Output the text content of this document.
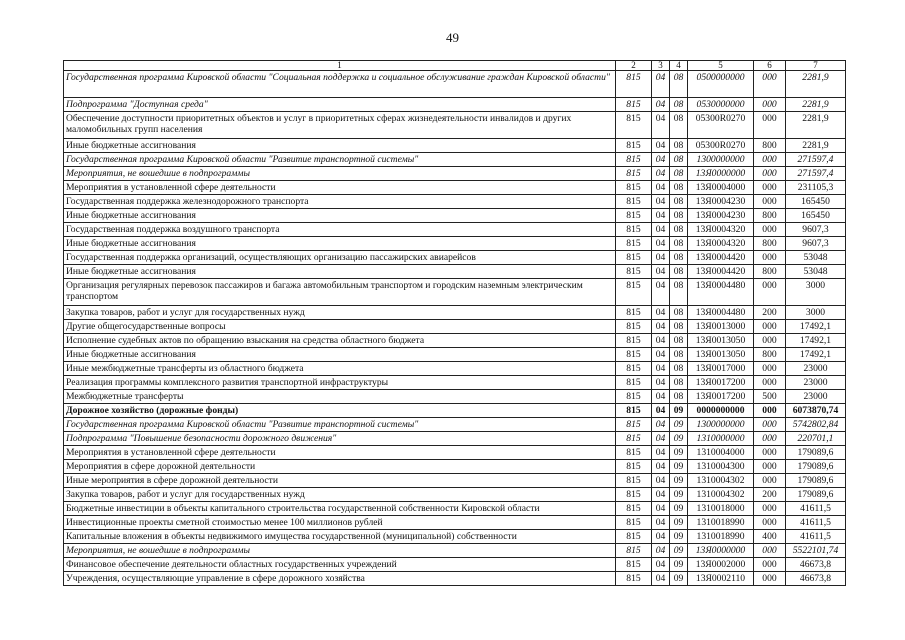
49
1	2	3	4	5	6	7
Государственная программа Кировской области "Социальная поддержка и социальное обслуживание граждан Кировской области"	815	04	08	0500000000	000	2281,9
Подпрограмма "Доступная среда"	815	04	08	0530000000	000	2281,9
Обеспечение доступности приоритетных объектов и услуг в приоритетных сферах жизнедеятельности инвалидов и других маломобильных групп населения	815	04	08	05300R0270	000	2281,9
Иные бюджетные ассигнования	815	04	08	05300R0270	800	2281,9
Государственная программа Кировской области "Развитие транспортной системы"	815	04	08	1300000000	000	271597,4
Мероприятия, не вошедшие в подпрограммы	815	04	08	13Я0000000	000	271597,4
Мероприятия в установленной сфере деятельности	815	04	08	13Я0004000	000	231105,3
Государственная поддержка железнодорожного транспорта	815	04	08	13Я0004230	000	165450
Иные бюджетные ассигнования	815	04	08	13Я0004230	800	165450
Государственная поддержка воздушного транспорта	815	04	08	13Я0004320	000	9607,3
Иные бюджетные ассигнования	815	04	08	13Я0004320	800	9607,3
Государственная поддержка организаций, осуществляющих организацию пассажирских авиарейсов	815	04	08	13Я0004420	000	53048
Иные бюджетные ассигнования	815	04	08	13Я0004420	800	53048
Организация регулярных перевозок пассажиров и багажа автомобильным транспортом и городским наземным электрическим транспортом	815	04	08	13Я0004480	000	3000
Закупка товаров, работ и услуг для государственных нужд	815	04	08	13Я0004480	200	3000
Другие общегосударственные вопросы	815	04	08	13Я0013000	000	17492,1
Исполнение судебных актов по обращению взыскания на средства областного бюджета	815	04	08	13Я0013050	000	17492,1
Иные бюджетные ассигнования	815	04	08	13Я0013050	800	17492,1
Иные межбюджетные трансферты из областного бюджета	815	04	08	13Я0017000	000	23000
Реализация программы комплексного развития транспортной инфраструктуры	815	04	08	13Я0017200	000	23000
Межбюджетные трансферты	815	04	08	13Я0017200	500	23000
Дорожное хозяйство (дорожные фонды)	815	04	09	0000000000	000	6073870,74
Государственная программа Кировской области "Развитие транспортной системы"	815	04	09	1300000000	000	5742802,84
Подпрограмма "Повышение безопасности дорожного движения"	815	04	09	1310000000	000	220701,1
Мероприятия в установленной сфере деятельности	815	04	09	1310004000	000	179089,6
Мероприятия в сфере дорожной деятельности	815	04	09	1310004300	000	179089,6
Иные мероприятия в сфере дорожной деятельности	815	04	09	1310004302	000	179089,6
Закупка товаров, работ и услуг для государственных нужд	815	04	09	1310004302	200	179089,6
Бюджетные инвестиции в объекты капитального строительства государственной собственности Кировской области	815	04	09	1310018000	000	41611,5
Инвестиционные проекты сметной стоимостью менее 100 миллионов рублей	815	04	09	1310018990	000	41611,5
Капитальные вложения в объекты недвижимого имущества государственной (муниципальной) собственности	815	04	09	1310018990	400	41611,5
Мероприятия, не вошедшие в подпрограммы	815	04	09	13Я0000000	000	5522101,74
Финансовое обеспечение деятельности областных государственных учреждений	815	04	09	13Я0002000	000	46673,8
Учреждения, осуществляющие управление в сфере дорожного хозяйства	815	04	09	13Я0002110	000	46673,8
